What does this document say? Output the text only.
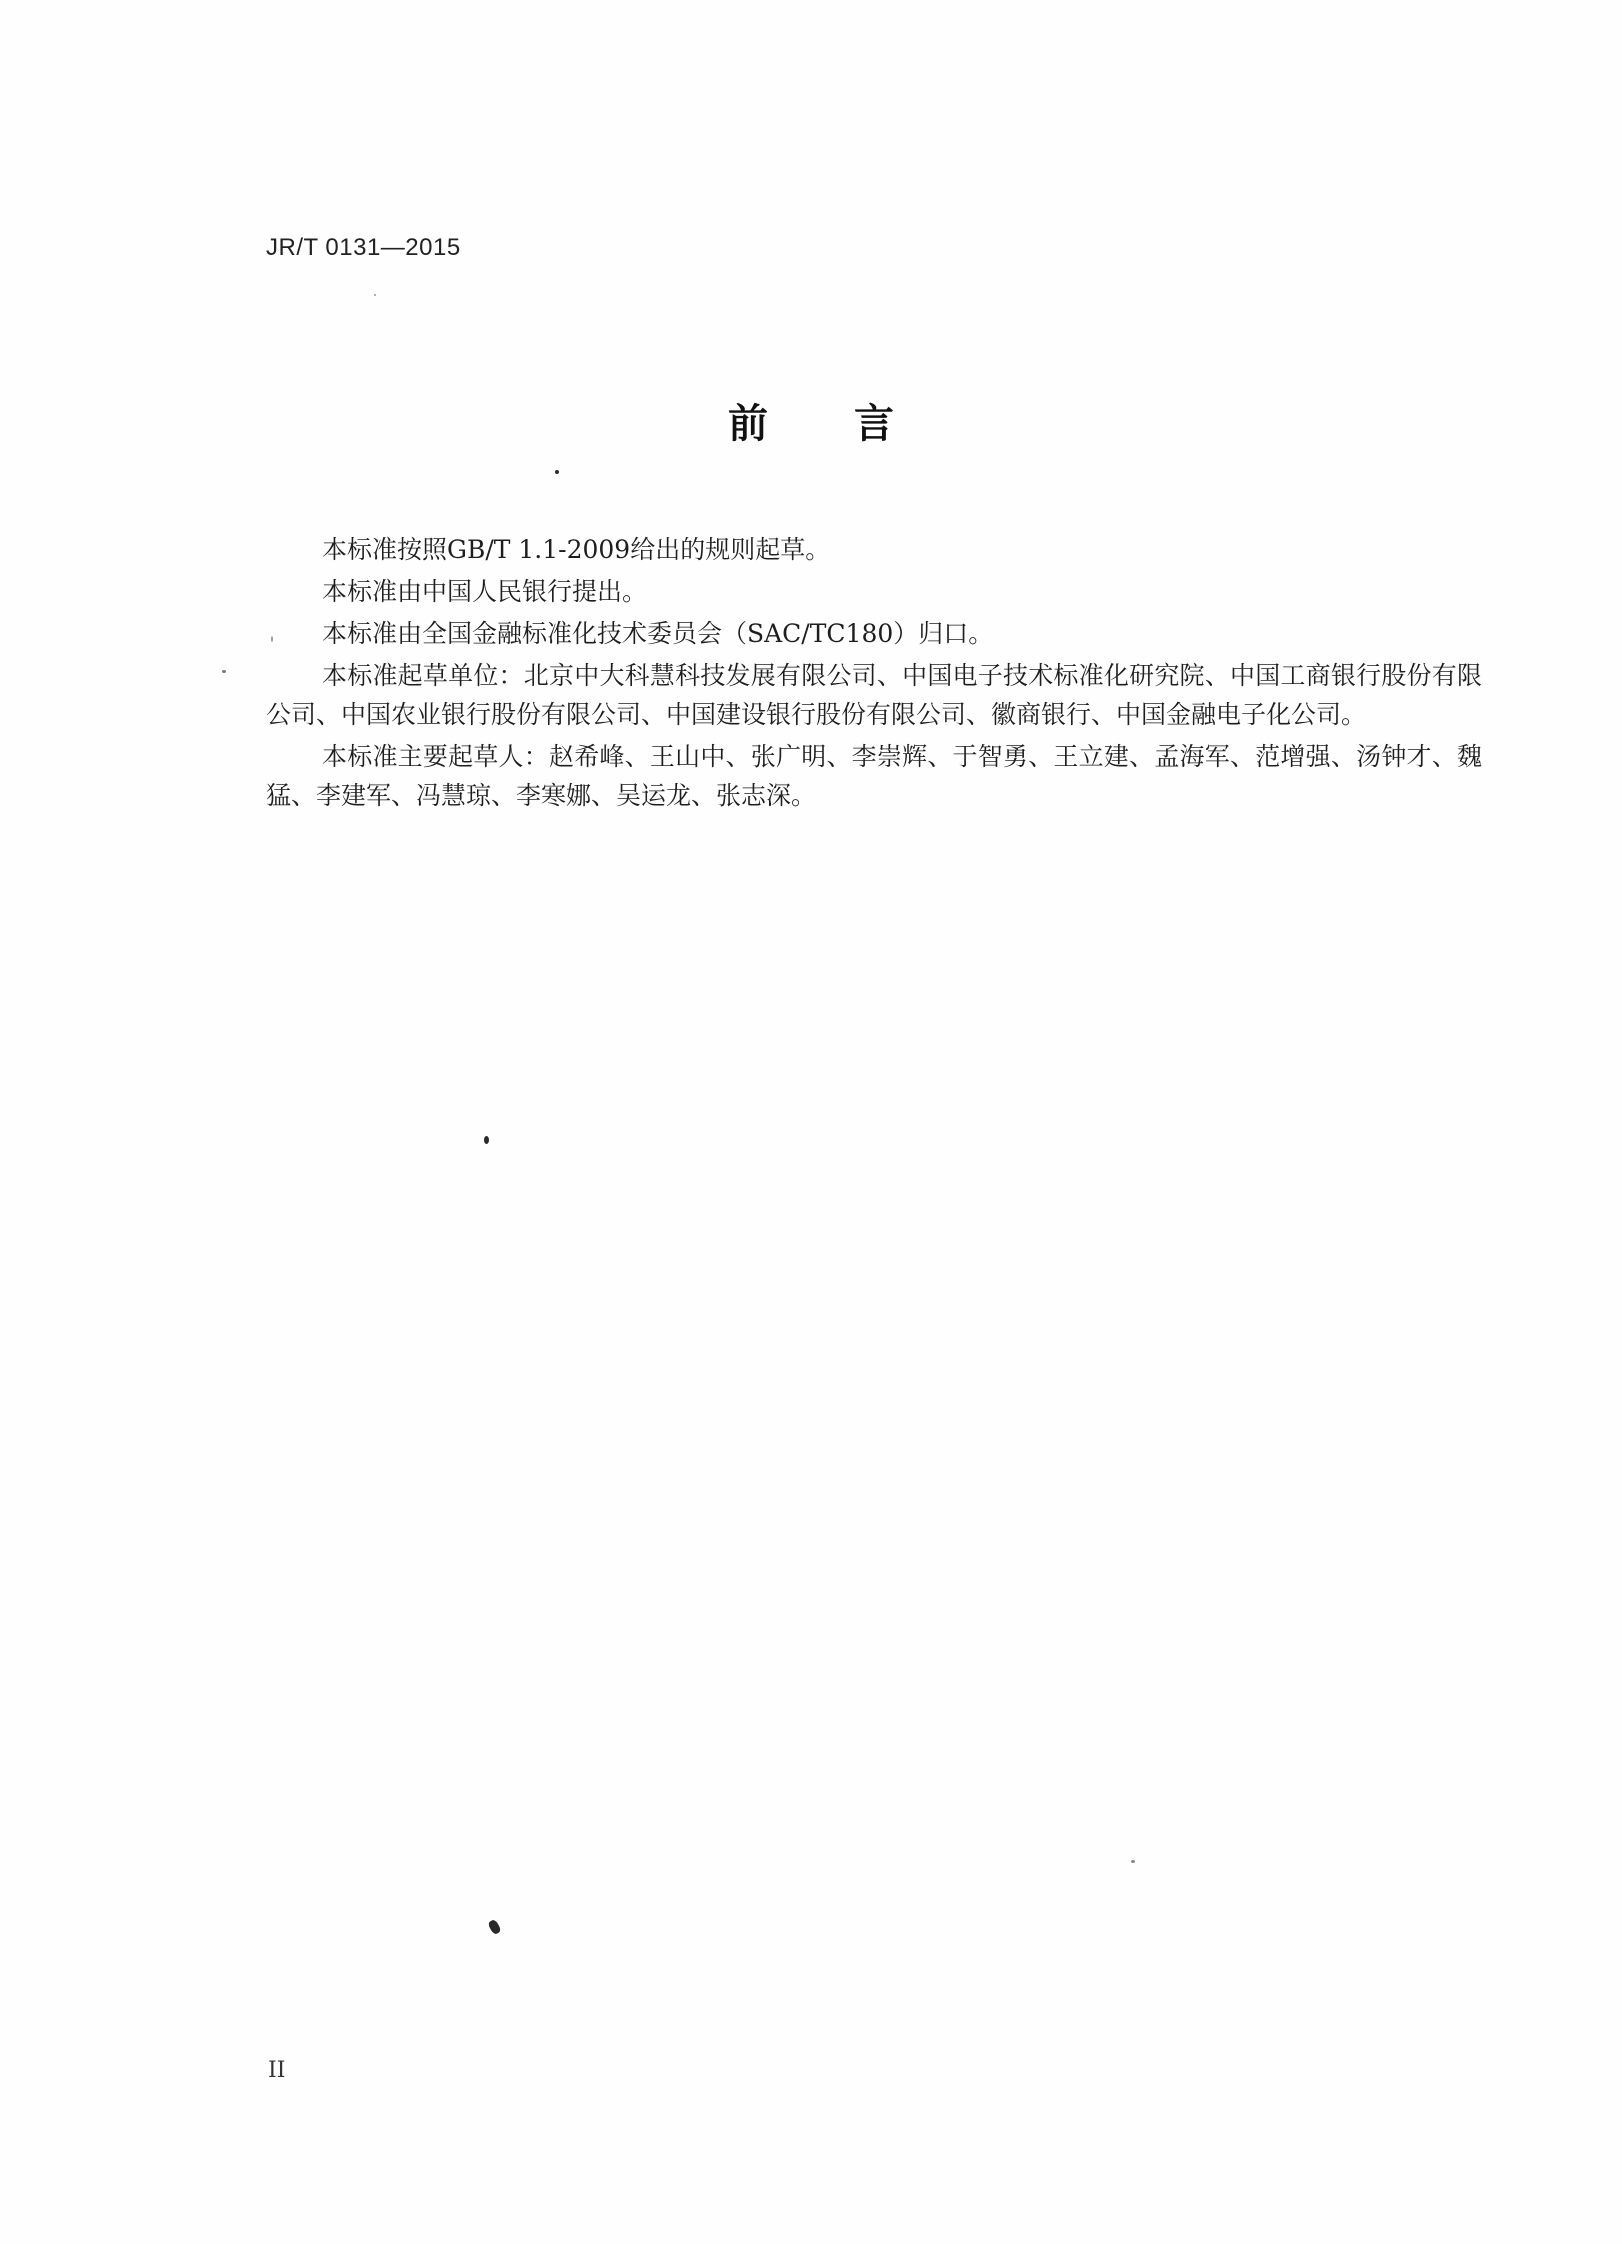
JR/T 0131—2015
前 言

本标准按照GB/T 1.1-2009给出的规则起草。

本标准由中国人民银行提出。

本标准由全国金融标准化技术委员会（SAC/TC180）归口。

本标准起草单位：北京中大科慧科技发展有限公司、中国电子技术标准化研究院、中国工商银行股份有限公司、中国农业银行股份有限公司、中国建设银行股份有限公司、徽商银行、中国金融电子化公司。

本标准主要起草人：赵希峰、王山中、张广明、李崇辉、于智勇、王立建、孟海军、范增强、汤钟才、魏猛、李建军、冯慧琼、李寒娜、吴运龙、张志深。

II
